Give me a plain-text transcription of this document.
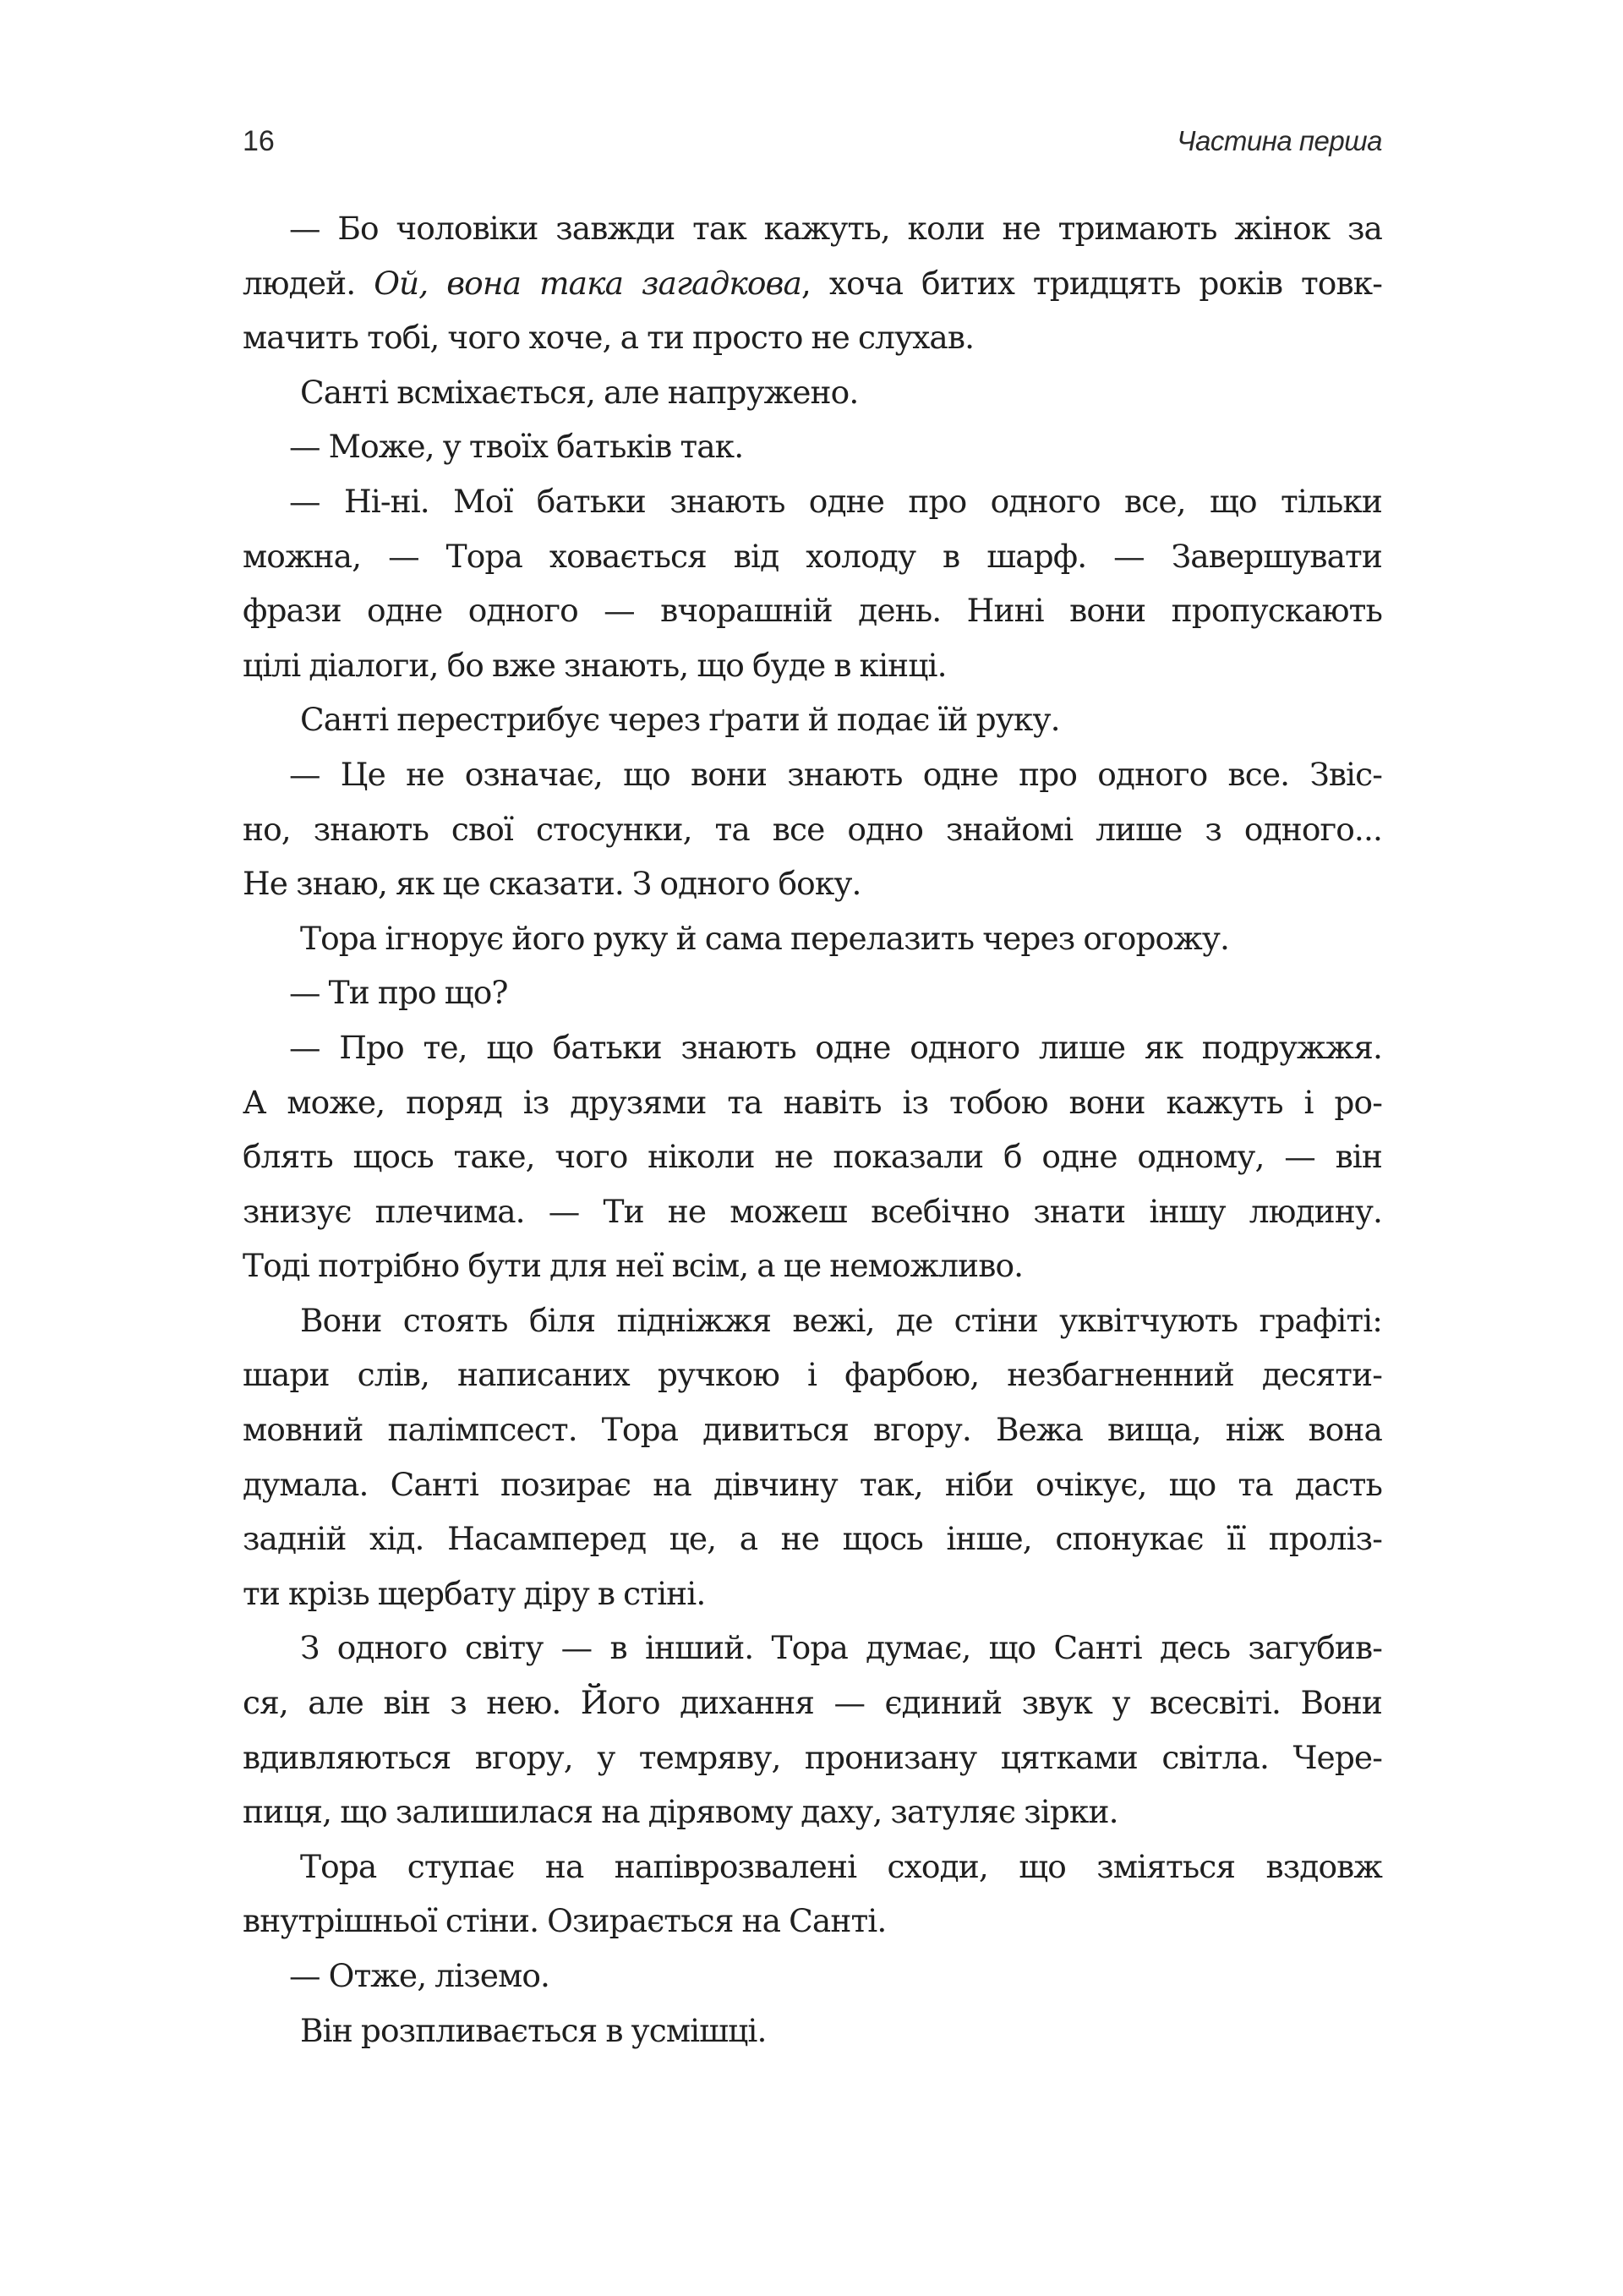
16	Частина перша
— Бо чоловіки завжди так кажуть, коли не тримають жінок за
людей. Ой, вона така загадкова, хоча битих тридцять років товк-
мачить тобі, чого хоче, а ти просто не слухав.
Санті всміхається, але напружено.
— Може, у твоїх батьків так.
— Ні-ні. Мої батьки знають одне про одного все, що тільки
можна, — Тора ховається від холоду в шарф. — Завершувати
фрази одне одного — вчорашній день. Нині вони пропускають
цілі діалоги, бо вже знають, що буде в кінці.
Санті перестрибує через ґрати й подає їй руку.
— Це не означає, що вони знають одне про одного все. Звіс-
но, знають свої стосунки, та все одно знайомі лише з одного...
Не знаю, як це сказати. З одного боку.
Тора ігнорує його руку й сама перелазить через огорожу.
— Ти про що?
— Про те, що батьки знають одне одного лише як подружжя.
А може, поряд із друзями та навіть із тобою вони кажуть і ро-
блять щось таке, чого ніколи не показали б одне одному, — він
знизує плечима. — Ти не можеш всебічно знати іншу людину.
Тоді потрібно бути для неї всім, а це неможливо.
Вони стоять біля підніжжя вежі, де стіни уквітчують графіті:
шари слів, написаних ручкою і фарбою, незбагненний десяти-
мовний палімпсест. Тора дивиться вгору. Вежа вища, ніж вона
думала. Санті позирає на дівчину так, ніби очікує, що та дасть
задній хід. Насамперед це, а не щось інше, спонукає її проліз-
ти крізь щербату діру в стіні.
З одного світу — в інший. Тора думає, що Санті десь загубив-
ся, але він з нею. Його дихання — єдиний звук у всесвіті. Вони
вдивляються вгору, у темряву, пронизану цятками світла. Чере-
пиця, що залишилася на дірявому даху, затуляє зірки.
Тора ступає на напіврозвалені сходи, що зміяться вздовж
внутрішньої стіни. Озирається на Санті.
— Отже, ліземо.
Він розпливається в усмішці.
